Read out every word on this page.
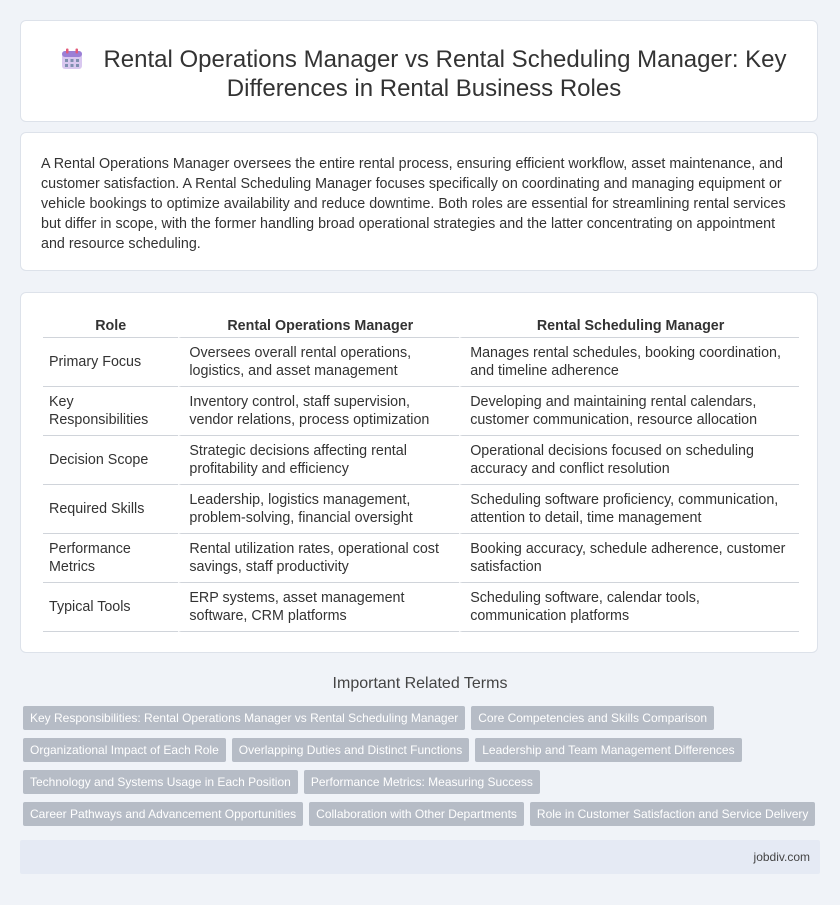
Rental Operations Manager vs Rental Scheduling Manager: Key Differences in Rental Business Roles
A Rental Operations Manager oversees the entire rental process, ensuring efficient workflow, asset maintenance, and customer satisfaction. A Rental Scheduling Manager focuses specifically on coordinating and managing equipment or vehicle bookings to optimize availability and reduce downtime. Both roles are essential for streamlining rental services but differ in scope, with the former handling broad operational strategies and the latter concentrating on appointment and resource scheduling.
Role	Rental Operations Manager	Rental Scheduling Manager
Primary Focus	Oversees overall rental operations, logistics, and asset management	Manages rental schedules, booking coordination, and timeline adherence
Key Responsibilities	Inventory control, staff supervision, vendor relations, process optimization	Developing and maintaining rental calendars, customer communication, resource allocation
Decision Scope	Strategic decisions affecting rental profitability and efficiency	Operational decisions focused on scheduling accuracy and conflict resolution
Required Skills	Leadership, logistics management, problem-solving, financial oversight	Scheduling software proficiency, communication, attention to detail, time management
Performance Metrics	Rental utilization rates, operational cost savings, staff productivity	Booking accuracy, schedule adherence, customer satisfaction
Typical Tools	ERP systems, asset management software, CRM platforms	Scheduling software, calendar tools, communication platforms
Important Related Terms
Key Responsibilities: Rental Operations Manager vs Rental Scheduling Manager Core Competencies and Skills Comparison
Organizational Impact of Each Role Overlapping Duties and Distinct Functions Leadership and Team Management Differences
Technology and Systems Usage in Each Position Performance Metrics: Measuring Success
Career Pathways and Advancement Opportunities Collaboration with Other Departments Role in Customer Satisfaction and Service Delivery
jobdiv.com
